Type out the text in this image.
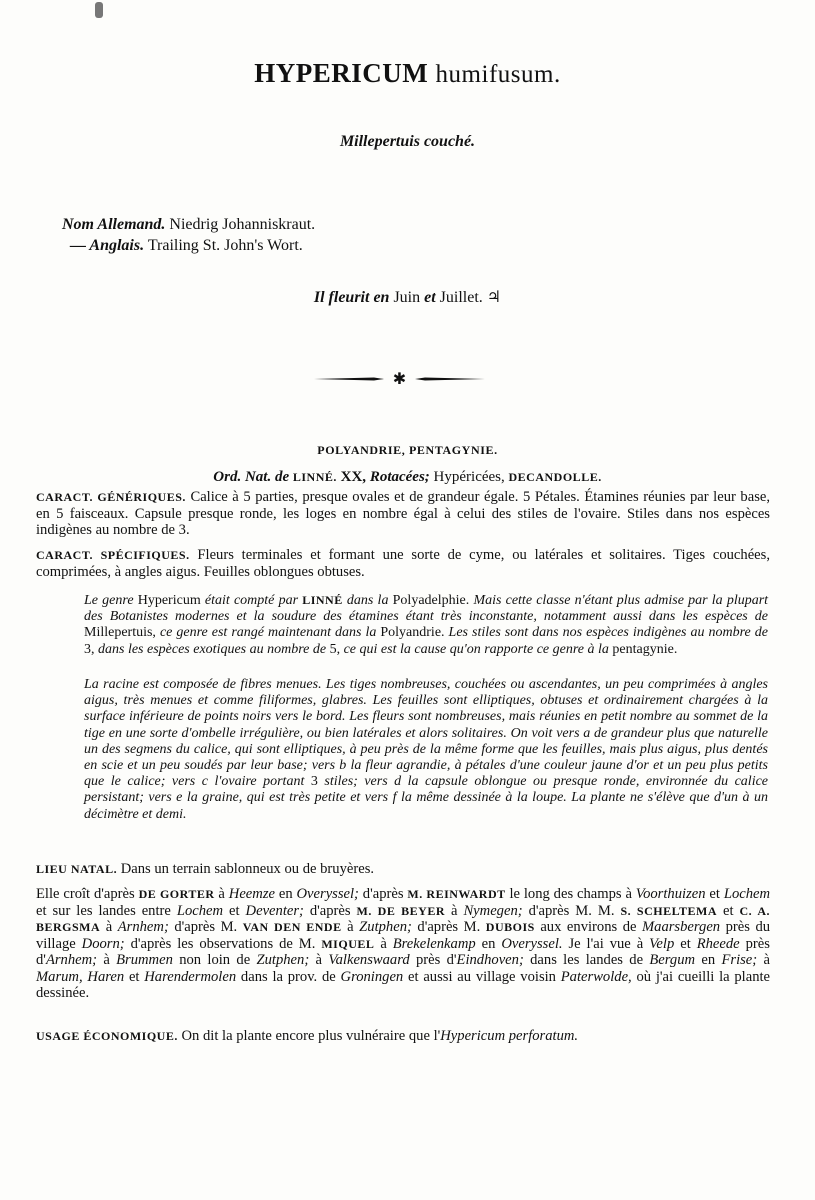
HYPERICUM humifusum.
Millepertuis couché.
Nom Allemand. Niedrig Johanniskraut.
— Anglais. Trailing St. John's Wort.
Il fleurit en Juin et Juillet. ♃
✱
POLYANDRIE, PENTAGYNIE.
Ord. Nat. de LINNÉ. XX, Rotacées; Hypéricées, DECANDOLLE.
CARACT. GÉNÉRIQUES. Calice à 5 parties, presque ovales et de grandeur égale. 5 Pétales. Étamines réunies par leur base, en 5 faisceaux. Capsule presque ronde, les loges en nombre égal à celui des stiles de l'ovaire. Stiles dans nos espèces indigènes au nombre de 3.
CARACT. SPÉCIFIQUES. Fleurs terminales et formant une sorte de cyme, ou latérales et solitaires. Tiges couchées, comprimées, à angles aigus. Feuilles oblongues obtuses.
Le genre Hypericum était compté par LINNÉ dans la Polyadelphie. Mais cette classe n'étant plus admise par la plupart des Botanistes modernes et la soudure des étamines étant très inconstante, notamment aussi dans les espèces de Millepertuis, ce genre est rangé maintenant dans la Polyandrie. Les stiles sont dans nos espèces indigènes au nombre de 3, dans les espèces exotiques au nombre de 5, ce qui est la cause qu'on rapporte ce genre à la pentagynie.
La racine est composée de fibres menues. Les tiges nombreuses, couchées ou ascendantes, un peu comprimées à angles aigus, très menues et comme filiformes, glabres. Les feuilles sont elliptiques, obtuses et ordinairement chargées à la surface inférieure de points noirs vers le bord. Les fleurs sont nombreuses, mais réunies en petit nombre au sommet de la tige en une sorte d'ombelle irrégulière, ou bien latérales et alors solitaires. On voit vers a de grandeur plus que naturelle un des segmens du calice, qui sont elliptiques, à peu près de la même forme que les feuilles, mais plus aigus, plus dentés en scie et un peu soudés par leur base; vers b la fleur agrandie, à pétales d'une couleur jaune d'or et un peu plus petits que le calice; vers c l'ovaire portant 3 stiles; vers d la capsule oblongue ou presque ronde, environnée du calice persistant; vers e la graine, qui est très petite et vers f la même dessinée à la loupe. La plante ne s'élève que d'un à un décimètre et demi.
LIEU NATAL. Dans un terrain sablonneux ou de bruyères.
Elle croît d'après DE GORTER à Heemze en Overyssel; d'après M. REINWARDT le long des champs à Voorthuizen et Lochem et sur les landes entre Lochem et Deventer; d'après M. DE BEYER à Nymegen; d'après M. M. S. SCHELTEMA et C. A. BERGSMA à Arnhem; d'après M. VAN DEN ENDE à Zutphen; d'après M. DUBOIS aux environs de Maarsbergen près du village Doorn; d'après les observations de M. MIQUEL à Brekelenkamp en Overyssel. Je l'ai vue à Velp et Rheede près d'Arnhem; à Brummen non loin de Zutphen; à Valkenswaard près d'Eindhoven; dans les landes de Bergum en Frise; à Marum, Haren et Harendermolen dans la prov. de Groningen et aussi au village voisin Paterwolde, où j'ai cueilli la plante dessinée.
USAGE ÉCONOMIQUE. On dit la plante encore plus vulnéraire que l'Hypericum perforatum.
